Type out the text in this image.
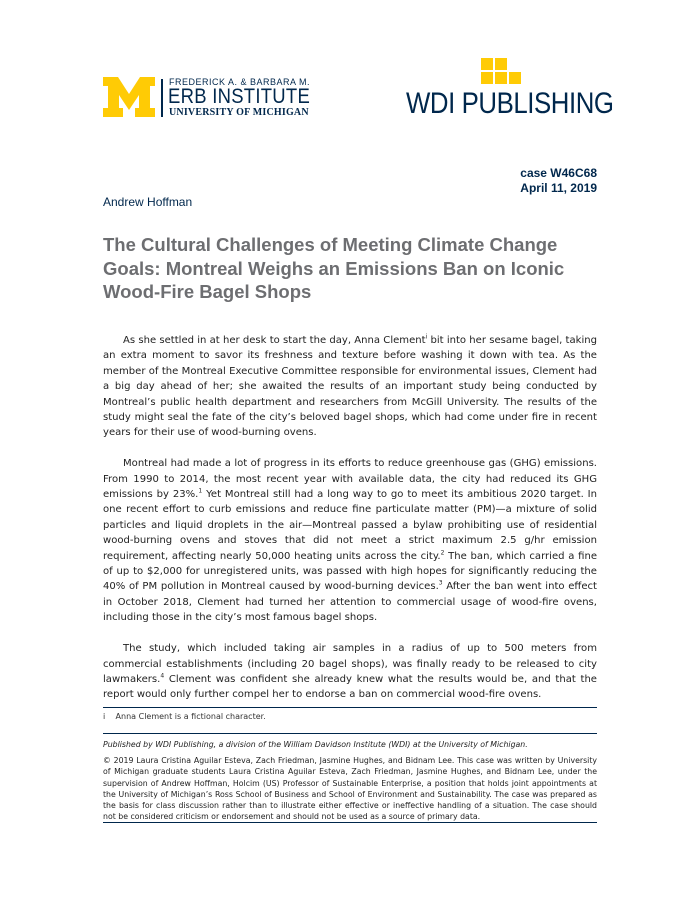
FREDERICK A. & BARBARA M.
ERB INSTITUTE
UNIVERSITY OF MICHIGAN	WDI PUBLISHING
case W46C68
April 11, 2019
Andrew Hoffman
The Cultural Challenges of Meeting Climate Change Goals: Montreal Weighs an Emissions Ban on Iconic Wood-Fire Bagel Shops

As she settled in at her desk to start the day, Anna Clement$^i$ bit into her sesame bagel, taking an extra moment to savor its freshness and texture before washing it down with tea. As the member of the Montreal Executive Committee responsible for environmental issues, Clement had a big day ahead of her; she awaited the results of an important study being conducted by Montreal’s public health department and researchers from McGill University. The results of the study might seal the fate of the city’s beloved bagel shops, which had come under fire in recent years for their use of wood-burning ovens.

Montreal had made a lot of progress in its efforts to reduce greenhouse gas (GHG) emissions. From 1990 to 2014, the most recent year with available data, the city had reduced its GHG emissions by 23%.$^1$ Yet Montreal still had a long way to go to meet its ambitious 2020 target. In one recent effort to curb emissions and reduce fine particulate matter (PM)—a mixture of solid particles and liquid droplets in the air—Montreal passed a bylaw prohibiting use of residential wood-burning ovens and stoves that did not meet a strict maximum 2.5 g/hr emission requirement, affecting nearly 50,000 heating units across the city.$^2$ The ban, which carried a fine of up to $2,000 for unregistered units, was passed with high hopes for significantly reducing the 40% of PM pollution in Montreal caused by wood-burning devices.$^3$ After the ban went into effect in October 2018, Clement had turned her attention to commercial usage of wood-fire ovens, including those in the city’s most famous bagel shops.

The study, which included taking air samples in a radius of up to 500 meters from commercial establishments (including 20 bagel shops), was finally ready to be released to city lawmakers.$^4$ Clement was confident she already knew what the results would be, and that the report would only further compel her to endorse a ban on commercial wood-fire ovens.

i Anna Clement is a fictional character.
Published by WDI Publishing, a division of the William Davidson Institute (WDI) at the University of Michigan.

© 2019 Laura Cristina Aguilar Esteva, Zach Friedman, Jasmine Hughes, and Bidnam Lee. This case was written by University of Michigan graduate students Laura Cristina Aguilar Esteva, Zach Friedman, Jasmine Hughes, and Bidnam Lee, under the supervision of Andrew Hoffman, Holcim (US) Professor of Sustainable Enterprise, a position that holds joint appointments at the University of Michigan’s Ross School of Business and School of Environment and Sustainability. The case was prepared as the basis for class discussion rather than to illustrate either effective or ineffective handling of a situation. The case should not be considered criticism or endorsement and should not be used as a source of primary data.
